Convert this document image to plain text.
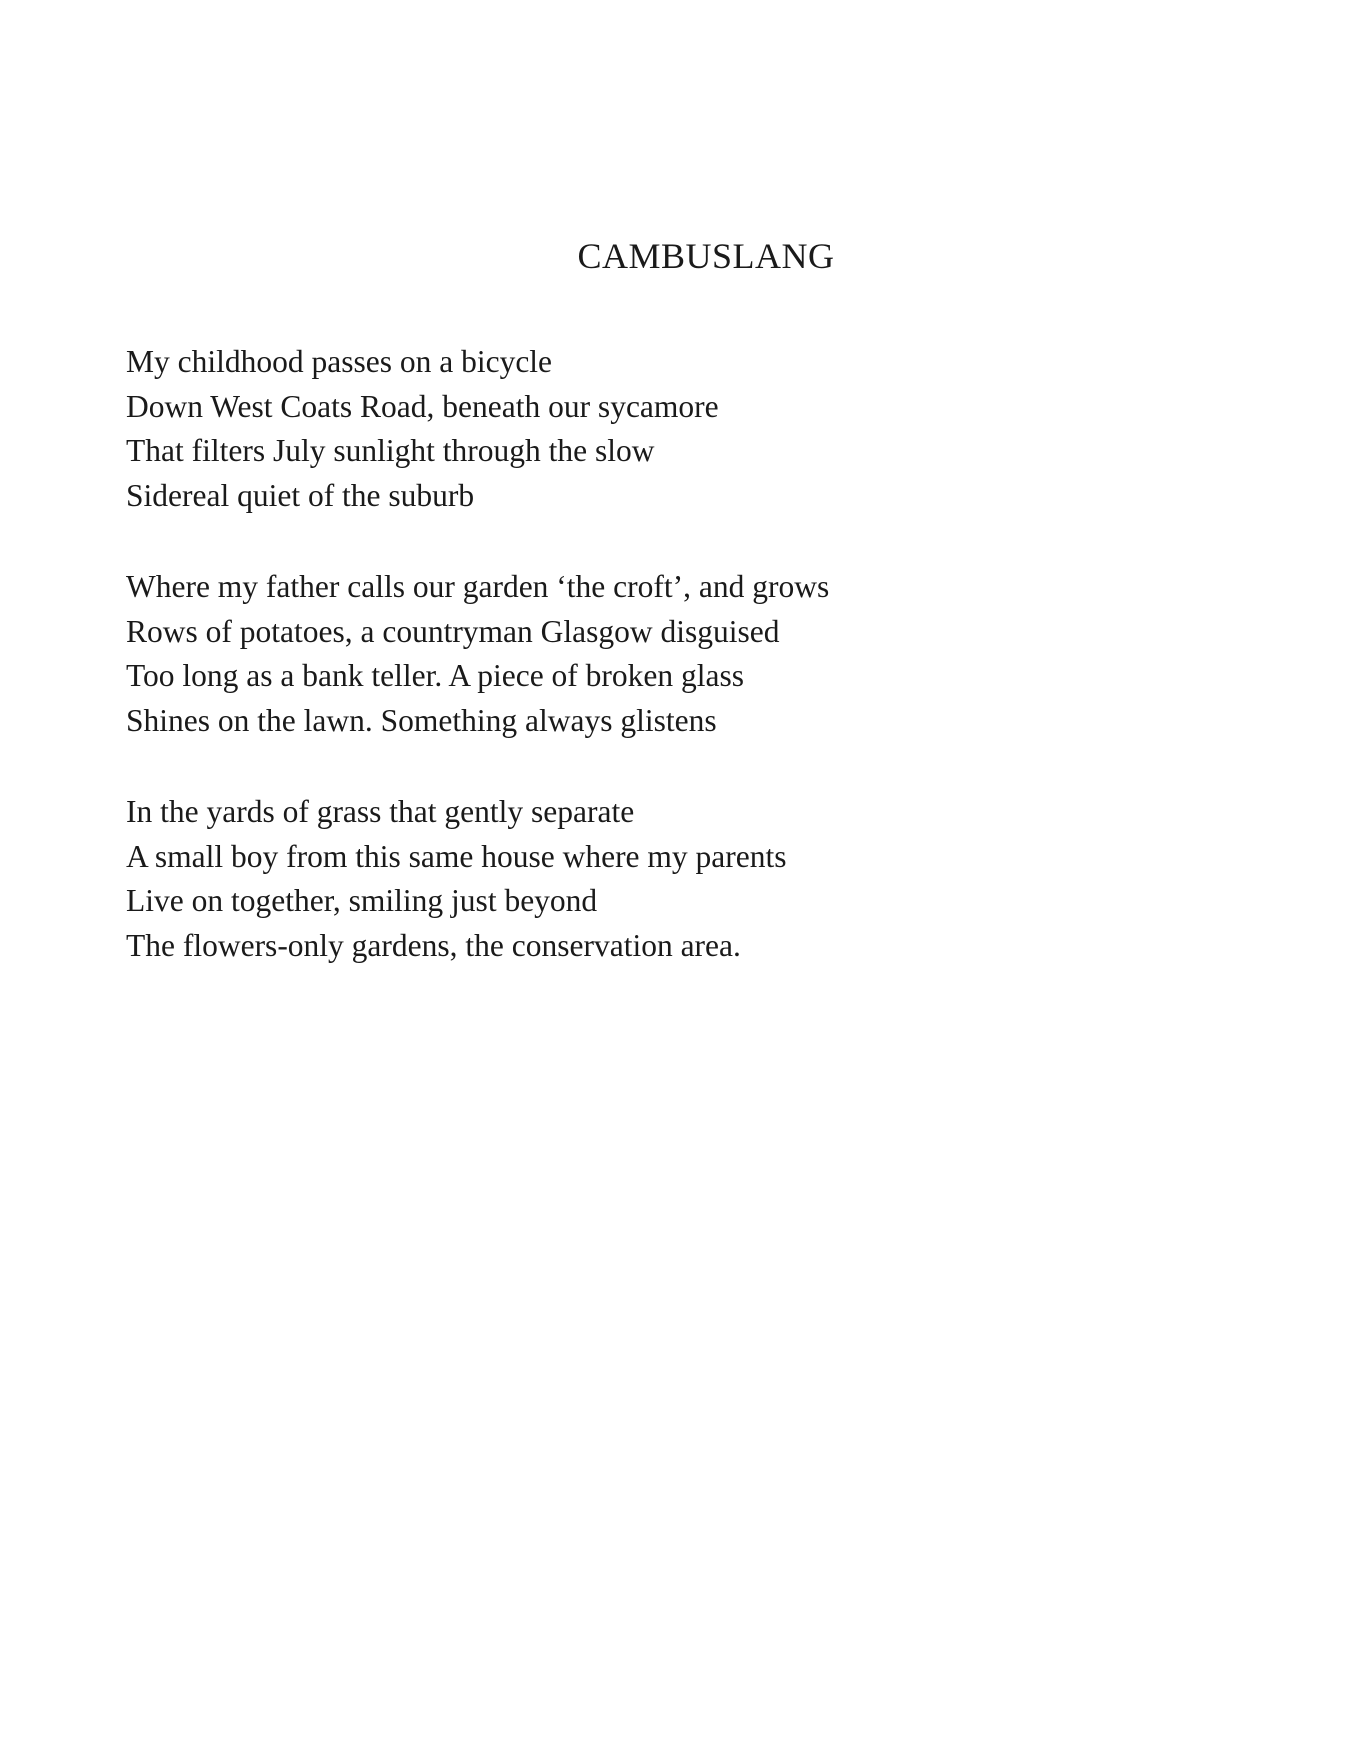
CAMBUSLANG
My childhood passes on a bicycle
Down West Coats Road, beneath our sycamore
That filters July sunlight through the slow
Sidereal quiet of the suburb
Where my father calls our garden ‘the croft’, and grows
Rows of potatoes, a countryman Glasgow disguised
Too long as a bank teller. A piece of broken glass
Shines on the lawn. Something always glistens
In the yards of grass that gently separate
A small boy from this same house where my parents
Live on together, smiling just beyond
The flowers-only gardens, the conservation area.
